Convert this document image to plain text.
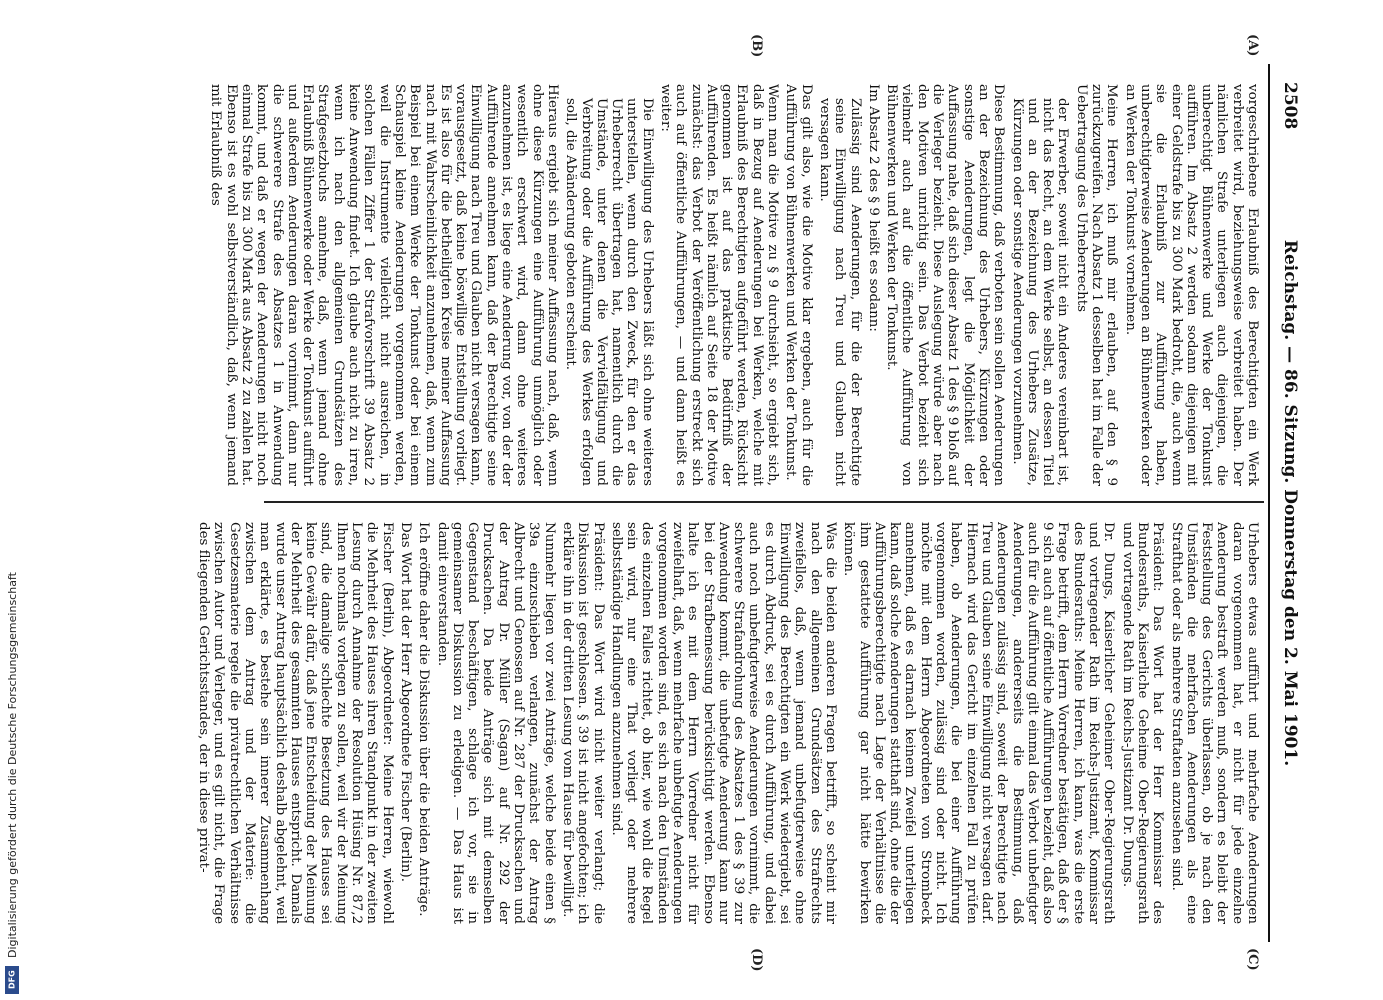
2508
Reichstag. — 86. Sitzung. Donnerstag den 2. Mai 1901.
(A)
(B)
(C)
(D)

vorgeschriebene Erlaubniß des Berechtigten ein Werk verbreitet wird, beziehungsweise verbreitet haben. Der nämlichen Strafe unterliegen auch diejenigen, die unberechtigt Bühnenwerke und Werke der Tonkunst aufführen. Im Absatz 2 werden sodann diejenigen mit einer Geldstrafe bis zu 300 Mark bedroht, die, auch wenn sie die Erlaubniß zur Aufführung haben, unberechtigterweise Aenderungen an Bühnenwerken oder an Werken der Tonkunst vornehmen.

Meine Herren, ich muß mir erlauben, auf den § 9 zurückzugreifen. Nach Absatz 1 desselben hat im Falle der Uebertragung des Urheberrechts

der Erwerber, soweit nicht ein Anderes vereinbart ist, nicht das Recht, an dem Werke selbst, an dessen Titel und an der Bezeichnung des Urhebers Zusätze, Kürzungen oder sonstige Aenderungen vorzunehmen.

Diese Bestimmung, daß verboten sein sollen Aenderungen an der Bezeichnung des Urhebers, Kürzungen oder sonstige Aenderungen, legt die Möglichkeit der Auffassung nahe, daß sich dieser Absatz 1 des § 9 bloß auf die Verleger bezieht. Diese Auslegung würde aber nach den Motiven unrichtig sein. Das Verbot bezieht sich vielmehr auch auf die öffentliche Aufführung von Bühnenwerken und Werken der Tonkunst.

Im Absatz 2 des § 9 heißt es sodann:

Zulässig sind Aenderungen, für die der Berechtigte seine Einwilligung nach Treu und Glauben nicht versagen kann.

Das gilt also, wie die Motive klar ergeben, auch für die Aufführung von Bühnenwerken und Werken der Tonkunst.

Wenn man die Motive zu § 9 durchsieht, so ergiebt sich, daß in Bezug auf Aenderungen bei Werken, welche mit Erlaubniß des Berechtigten aufgeführt werden, Rücksicht genommen ist auf das praktische Bedürfniß der Aufführenden. Es heißt nämlich auf Seite 18 der Motive zunächst: das Verbot der Veröffentlichung erstreckt sich auch auf öffentliche Aufführungen, — und dann heißt es weiter:

Die Einwilligung des Urhebers läßt sich ohne weiteres unterstellen, wenn durch den Zweck, für den er das Urheberrecht übertragen hat, namentlich durch die Umstände, unter denen die Vervielfältigung und Verbreitung oder die Aufführung des Werkes erfolgen soll, die Abänderung geboten erscheint.

Hieraus ergiebt sich meiner Auffassung nach, daß, wenn ohne diese Kürzungen eine Aufführung unmöglich oder wesentlich erschwert wird, dann ohne weiteres anzunehmen ist, es liege eine Aenderung vor, von der der Aufführende annehmen kann, daß der Berechtigte seine Einwilligung nach Treu und Glauben nicht versagen kann, vorausgesetzt, daß keine böswillige Entstellung vorliegt. Es ist also für die betheiligten Kreise meiner Auffassung nach mit Wahrscheinlichkeit anzunehmen, daß, wenn zum Beispiel bei einem Werke der Tonkunst oder bei einem Schauspiel kleine Aenderungen vorgenommen werden, weil die Instrumente vielleicht nicht ausreichen, in solchen Fällen Ziffer 1 der Strafvorschrift 39 Absatz 2 keine Anwendung findet. Ich glaube auch nicht zu irren, wenn ich nach den allgemeinen Grundsätzen des Strafgesetzbuchs annehme, daß, wenn jemand ohne Erlaubniß Bühnenwerke oder Werke der Tonkunst aufführt und außerdem Aenderungen daran vornimmt, dann nur die schwerere Strafe des Absatzes 1 in Anwendung kommt, und daß er wegen der Aenderungen nicht noch einmal Strafe bis zu 300 Mark aus Absatz 2 zu zahlen hat. Ebenso ist es wohl selbstverständlich, daß, wenn jemand mit Erlaubniß des

Urhebers etwas aufführt und mehrfache Aenderungen daran vorgenommen hat, er nicht für jede einzelne Aenderung bestraft werden muß, sondern es bleibt der Feststellung des Gerichts überlassen, ob je nach den Umständen die mehrfachen Aenderungen als eine Strafthat oder als mehrere Straftaten anzusehen sind.

Präsident: Das Wort hat der Herr Kommissar des Bundesraths, Kaiserliche Geheime Ober-Regierungsrath und vortragende Rath im Reichs-Justizamt Dr. Dungs.

Dr. Dungs, Kaiserlicher Geheimer Ober-Regierungsrath und vortragender Rath im Reichs-Justizamt, Kommissar des Bundesraths: Meine Herren, ich kann, was die erste Frage betrifft, dem Herrn Vorredner bestätigen, daß der § 9 sich auch auf öffentliche Aufführungen bezieht, daß also auch für die Aufführung gilt einmal das Verbot unbefugter Aenderungen, andererseits die Bestimmung, daß Aenderungen zulässig sind, soweit der Berechtigte nach Treu und Glauben seine Einwilligung nicht versagen darf. Hiernach wird das Gericht im einzelnen Fall zu prüfen haben, ob Aenderungen, die bei einer Aufführung vorgenommen worden, zulässig sind oder nicht. Ich möchte mit dem Herrn Abgeordneten von Strombeck annehmen, daß es darnach keinem Zweifel unterliegen kann, daß solche Aenderungen statthaft sind, ohne die der Aufführungsberechtigte nach Lage der Verhältnisse die ihm gestattete Aufführung gar nicht hätte bewirken können.

Was die beiden anderen Fragen betrifft, so scheint mir nach den allgemeinen Grundsätzen des Strafrechts zweifellos, daß, wenn jemand unbefugterweise ohne Einwilligung des Berechtigten ein Werk wiedergiebt, sei es durch Abdruck, sei es durch Aufführung, und dabei auch noch unbefugterweise Aenderungen vornimmt, die schwerere Strafandrohung des Absatzes 1 des § 39 zur Anwendung kommt, die unbefugte Aenderung kann nur bei der Strafbemessung berücksichtigt werden. Ebenso halte ich es mit dem Herrn Vorredner nicht für zweifelhaft, daß, wenn mehrfache unbefugte Aenderungen vorgenommen worden sind, es sich nach den Umständen des einzelnen Falles richtet, ob hier, wie wohl die Regel sein wird, nur eine That vorliegt oder mehrere selbstständige Handlungen anzunehmen sind.

Präsident: Das Wort wird nicht weiter verlangt; die Diskussion ist geschlossen. § 39 ist nicht angefochten; ich erkläre ihn in der dritten Lesung vom Hause für bewilligt.

Nunmehr liegen vor zwei Anträge, welche beide einen § 39a einzuschieben verlangen, zunächst der Antrag Albrecht und Genossen auf Nr. 287 der Drucksachen und der Antrag Dr. Müller (Sagan) auf Nr. 292 der Drucksachen. Da beide Anträge sich mit demselben Gegenstand beschäftigen, schlage ich vor, sie in gemeinsamer Diskussion zu erledigen. — Das Haus ist damit einverstanden.

Ich eröffne daher die Diskussion über die beiden Anträge.

Das Wort hat der Herr Abgeordnete Fischer (Berlin).

Fischer (Berlin), Abgeordneter: Meine Herren, wiewohl die Mehrheit des Hauses ihren Standpunkt in der zweiten Lesung durch Annahme der Resolution Hüsing Nr. 87,2 Ihnen nochmals vorlegen zu sollen, weil wir der Meinung sind, die damalige schlechte Besetzung des Hauses sei keine Gewähr dafür, daß jene Entscheidung der Meinung der Mehrheit des gesammten Hauses entspricht. Damals wurde unser Antrag hauptsächlich deshalb abgelehnt, weil man erklärte, es bestehe sein innerer Zusammenhang zwischen dem Antrag und der Materie: die Gesetzesmaterie regele die privatrechtlichen Verhältnisse zwischen Autor und Verleger, und es gilt nicht, die Frage des fliegenden Gerichtsstandes, der in diese privat-

Digitalisierung gefördert durch die Deutsche Forschungsgemeinschaft
DFG
